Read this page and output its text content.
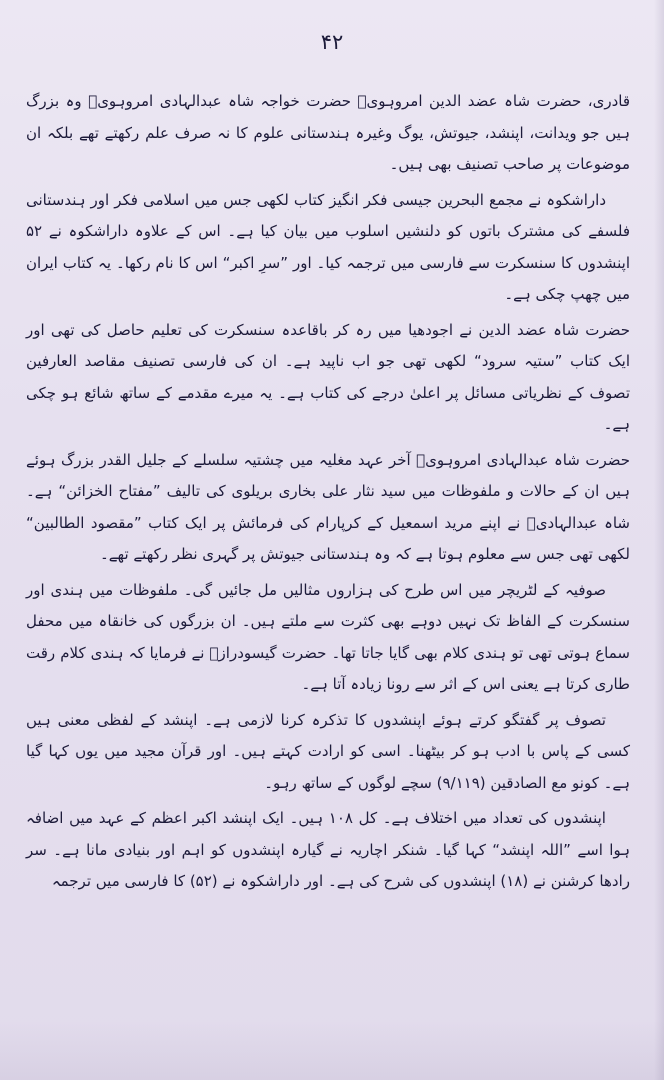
۴۲

قادری، حضرت شاہ عضد الدین امروہویؒ حضرت خواجہ شاہ عبدالہادی امروہویؒ وہ بزرگ ہیں جو ویدانت، اپنشد، جیوتش، یوگ وغیرہ ہندستانی علوم کا نہ صرف علم رکھتے تھے بلکہ ان موضوعات پر صاحب تصنیف بھی ہیں۔

داراشکوہ نے مجمع البحرین جیسی فکر انگیز کتاب لکھی جس میں اسلامی فکر اور ہندستانی فلسفے کی مشترک باتوں کو دلنشیں اسلوب میں بیان کیا ہے۔ اس کے علاوہ داراشکوہ نے ۵۲ اپنشدوں کا سنسکرت سے فارسی میں ترجمہ کیا۔ اور ”سرِ اکبر“ اس کا نام رکھا۔ یہ کتاب ایران میں چھپ چکی ہے۔

حضرت شاہ عضد الدین نے اجودھیا میں رہ کر باقاعدہ سنسکرت کی تعلیم حاصل کی تھی اور ایک کتاب ”ستیہ سرود“ لکھی تھی جو اب ناپید ہے۔ ان کی فارسی تصنیف مقاصد العارفین تصوف کے نظریاتی مسائل پر اعلیٰ درجے کی کتاب ہے۔ یہ میرے مقدمے کے ساتھ شائع ہو چکی ہے۔

حضرت شاہ عبدالہادی امروہویؒ آخر عہد مغلیہ میں چشتیہ سلسلے کے جلیل القدر بزرگ ہوئے ہیں ان کے حالات و ملفوظات میں سید نثار علی بخاری بریلوی کی تالیف ”مفتاح الخزائن“ ہے۔ شاہ عبدالہادیؒ نے اپنے مرید اسمعیل کے کرپارام کی فرمائش پر ایک کتاب ”مقصود الطالبین“ لکھی تھی جس سے معلوم ہوتا ہے کہ وہ ہندستانی جیوتش پر گہری نظر رکھتے تھے۔

صوفیہ کے لٹریچر میں اس طرح کی ہزاروں مثالیں مل جائیں گی۔ ملفوظات میں ہندی اور سنسکرت کے الفاظ تک نہیں دوہے بھی کثرت سے ملتے ہیں۔ ان بزرگوں کی خانقاہ میں محفل سماع ہوتی تھی تو ہندی کلام بھی گایا جاتا تھا۔ حضرت گیسودرازؒ نے فرمایا کہ ہندی کلام رقت طاری کرتا ہے یعنی اس کے اثر سے رونا زیادہ آتا ہے۔

تصوف پر گفتگو کرتے ہوئے اپنشدوں کا تذکرہ کرنا لازمی ہے۔ اپنشد کے لفظی معنی ہیں کسی کے پاس با ادب ہو کر بیٹھنا۔ اسی کو ارادت کہتے ہیں۔ اور قرآن مجید میں یوں کہا گیا ہے۔ کونو مع الصادقین (۹/۱۱۹) سچے لوگوں کے ساتھ رہو۔

اپنشدوں کی تعداد میں اختلاف ہے۔ کل ۱۰۸ ہیں۔ ایک اپنشد اکبر اعظم کے عہد میں اضافہ ہوا اسے ”اللہ اپنشد“ کہا گیا۔ شنکر اچاریہ نے گیارہ اپنشدوں کو اہم اور بنیادی مانا ہے۔ سر رادھا کرشنن نے (۱۸) اپنشدوں کی شرح کی ہے۔ اور داراشکوہ نے (۵۲) کا فارسی میں ترجمہ
